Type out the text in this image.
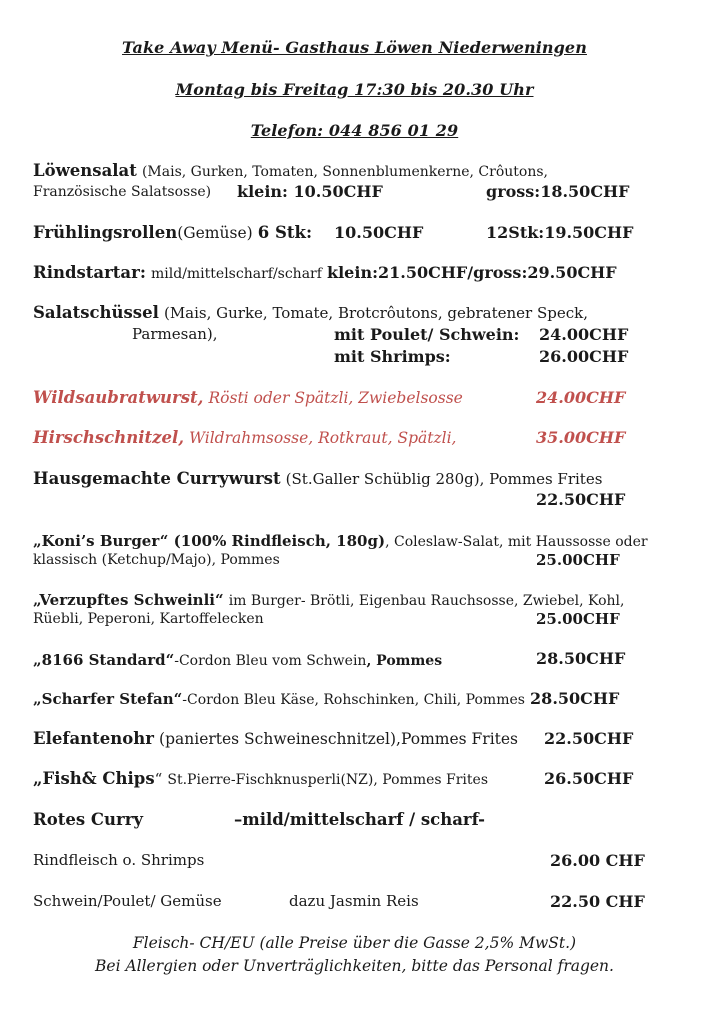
Take Away Menü- Gasthaus Löwen Niederweningen
Montag bis Freitag 17:30 bis 20.30 Uhr
Telefon: 044 856 01 29
Löwensalat (Mais, Gurken, Tomaten, Sonnenblumenkerne, Crôutons,
Französische Salatsosse) klein: 10.50CHF	gross:18.50CHF
Frühlingsrollen(Gemüse) 6 Stk: 10.50CHF	12Stk:19.50CHF
Rindstartar: mild/mittelscharf/scharf klein:21.50CHF/gross:29.50CHF
Salatschüssel (Mais, Gurke, Tomate, Brotcrôutons, gebratener Speck,
Parmesan),	mit Poulet/ Schwein: 24.00CHF
mit Shrimps:	26.00CHF
Wildsaubratwurst, Rösti oder Spätzli, Zwiebelsosse	24.00CHF
Hirschschnitzel, Wildrahmsosse, Rotkraut, Spätzli,	35.00CHF
Hausgemachte Currywurst (St.Galler Schüblig 280g), Pommes Frites
22.50CHF
„Koni’s Burger“ (100% Rindfleisch, 180g), Coleslaw-Salat, mit Haussosse oder
klassisch (Ketchup/Majo), Pommes	25.00CHF
„Verzupftes Schweinli“ im Burger- Brötli, Eigenbau Rauchsosse, Zwiebel, Kohl,
Rüebli, Peperoni, Kartoffelecken	25.00CHF
„8166 Standard“-Cordon Bleu vom Schwein, Pommes	28.50CHF
„Scharfer Stefan“-Cordon Bleu Käse, Rohschinken, Chili, Pommes 28.50CHF
Elefantenohr (paniertes Schweineschnitzel),Pommes Frites 22.50CHF
„Fish& Chips“ St.Pierre-Fischknusperli(NZ), Pommes Frites	26.50CHF
Rotes Curry	–mild/mittelscharf / scharf-
Rindfleisch o. Shrimps	26.00 CHF
Schwein/Poulet/ Gemüse	dazu Jasmin Reis	22.50 CHF
Fleisch- CH/EU (alle Preise über die Gasse 2,5% MwSt.)
Bei Allergien oder Unverträglichkeiten, bitte das Personal fragen.
